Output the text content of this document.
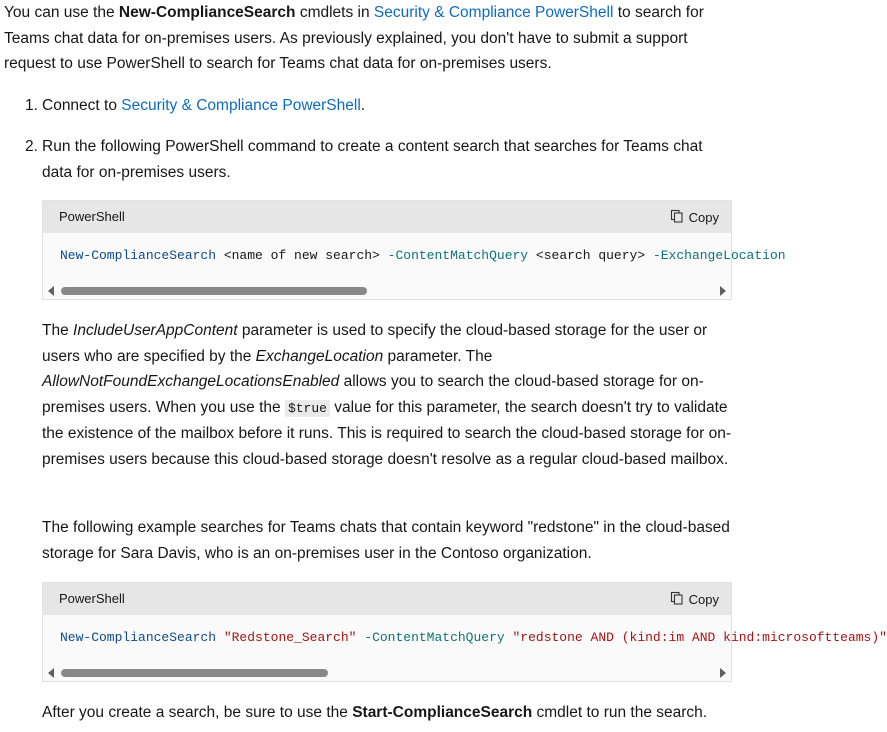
You can use the New-ComplianceSearch cmdlets in Security & Compliance PowerShell to search for Teams chat data for on-premises users. As previously explained, you don't have to submit a support request to use PowerShell to search for Teams chat data for on-premises users.

1. Connect to Security & Compliance PowerShell.

2. Run the following PowerShell command to create a content search that searches for Teams chat data for on-premises users.

PowerShell	Copy
New-ComplianceSearch <name of new search> -ContentMatchQuery <search query> -ExchangeLocation

The IncludeUserAppContent parameter is used to specify the cloud-based storage for the user or users who are specified by the ExchangeLocation parameter. The AllowNotFoundExchangeLocationsEnabled allows you to search the cloud-based storage for on-premises users. When you use the $true value for this parameter, the search doesn't try to validate the existence of the mailbox before it runs. This is required to search the cloud-based storage for on-premises users because this cloud-based storage doesn't resolve as a regular cloud-based mailbox.

The following example searches for Teams chats that contain keyword "redstone" in the cloud-based storage for Sara Davis, who is an on-premises user in the Contoso organization.

PowerShell	Copy
New-ComplianceSearch "Redstone_Search" -ContentMatchQuery "redstone AND (kind:im AND kind:microsoftteams)"

After you create a search, be sure to use the Start-ComplianceSearch cmdlet to run the search.
